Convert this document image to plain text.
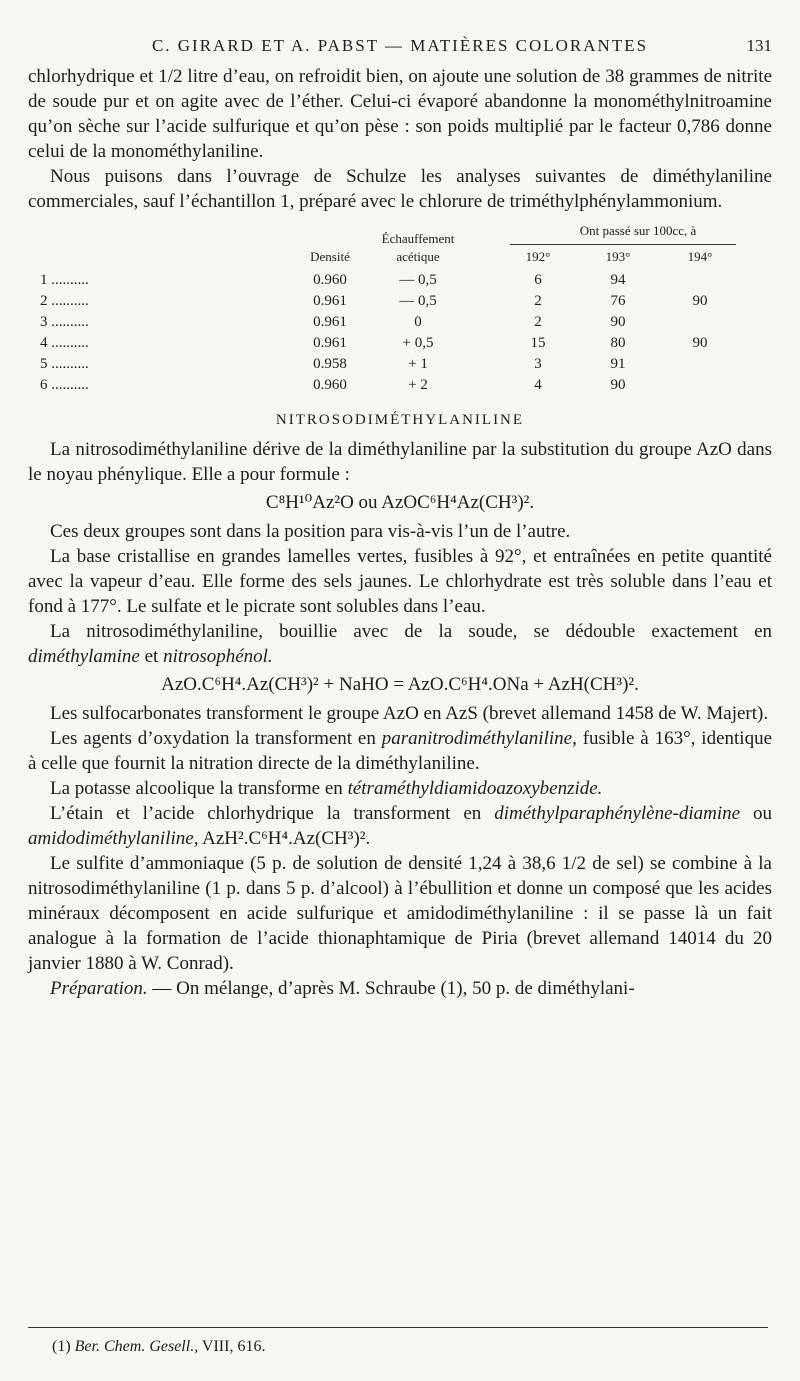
C. GIRARD ET A. PABST — MATIÈRES COLORANTES	131

chlorhydrique et 1/2 litre d’eau, on refroidit bien, on ajoute une solution de 38 grammes de nitrite de soude pur et on agite avec de l’éther. Celui-ci évaporé abandonne la monométhylnitroamine qu’on sèche sur l’acide sulfurique et qu’on pèse : son poids multiplié par le facteur 0,786 donne celui de la monométhylaniline.

Nous puisons dans l’ouvrage de Schulze les analyses suivantes de diméthylaniline commerciales, sauf l’échantillon 1, préparé avec le chlorure de triméthylphénylammonium.

Ont passé sur 100cc, à
Échauffement
Densité	acétique	192°	193°	194°
1 ..........	0.960	— 0,5	6	94
2 ..........	0.961	— 0,5	2	76	90
3 ..........	0.961	0	2	90
4 ..........	0.961	+ 0,5	15	80	90
5 ..........	0.958	+ 1	3	91
6 ..........	0.960	+ 2	4	90
NITROSODIMÉTHYLANILINE

La nitrosodiméthylaniline dérive de la diméthylaniline par la substitution du groupe AzO dans le noyau phénylique. Elle a pour formule :

C⁸H¹⁰Az²O ou AzOC⁶H⁴Az(CH³)².

Ces deux groupes sont dans la position para vis-à-vis l’un de l’autre.

La base cristallise en grandes lamelles vertes, fusibles à 92°, et entraînées en petite quantité avec la vapeur d’eau. Elle forme des sels jaunes. Le chlorhydrate est très soluble dans l’eau et fond à 177°. Le sulfate et le picrate sont solubles dans l’eau.

La nitrosodiméthylaniline, bouillie avec de la soude, se dédouble exactement en diméthylamine et nitrosophénol.

AzO.C⁶H⁴.Az(CH³)² + NaHO = AzO.C⁶H⁴.ONa + AzH(CH³)².

Les sulfocarbonates transforment le groupe AzO en AzS (brevet allemand 1458 de W. Majert).

Les agents d’oxydation la transforment en paranitrodiméthylaniline, fusible à 163°, identique à celle que fournit la nitration directe de la diméthylaniline.

La potasse alcoolique la transforme en tétraméthyldiamidoazoxybenzide.

L’étain et l’acide chlorhydrique la transforment en diméthylparaphénylène-diamine ou amidodiméthylaniline, AzH².C⁶H⁴.Az(CH³)².

Le sulfite d’ammoniaque (5 p. de solution de densité 1,24 à 38,6 1/2 de sel) se combine à la nitrosodiméthylaniline (1 p. dans 5 p. d’alcool) à l’ébullition et donne un composé que les acides minéraux décomposent en acide sulfurique et amidodiméthylaniline : il se passe là un fait analogue à la formation de l’acide thionaphtamique de Piria (brevet allemand 14014 du 20 janvier 1880 à W. Conrad).

Préparation. — On mélange, d’après M. Schraube (1), 50 p. de diméthylani-

(1) Ber. Chem. Gesell., VIII, 616.
